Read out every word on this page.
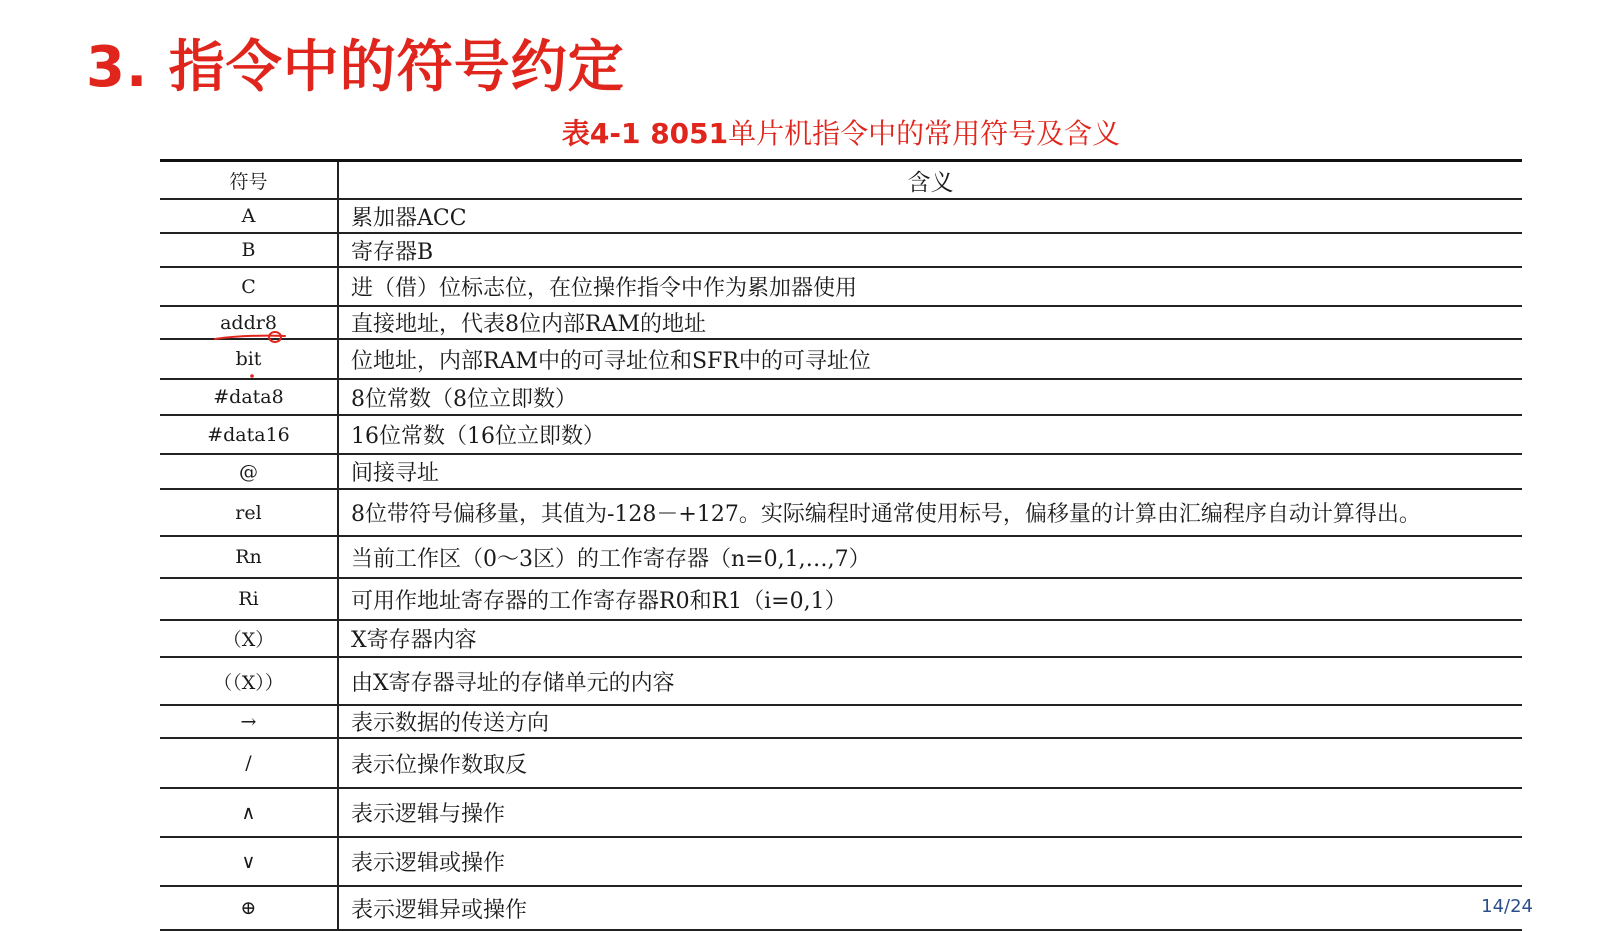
3. 指令中的符号约定
表4-1 8051单片机指令中的常用符号及含义
符号	含义
A	累加器ACC
B	寄存器B
C	进（借）位标志位，在位操作指令中作为累加器使用
addr8	直接地址，代表8位内部RAM的地址
bit	位地址，内部RAM中的可寻址位和SFR中的可寻址位
#data8	8位常数（8位立即数）
#data16	16位常数（16位立即数）
@	间接寻址
rel	8位带符号偏移量，其值为-128－+127。实际编程时通常使用标号，偏移量的计算由汇编程序自动计算得出。
Rn	当前工作区（0～3区）的工作寄存器（n=0,1,…,7）
Ri	可用作地址寄存器的工作寄存器R0和R1（i=0,1）
（X）	X寄存器内容
（（X））	由X寄存器寻址的存储单元的内容
→	表示数据的传送方向
/	表示位操作数取反
∧	表示逻辑与操作
∨	表示逻辑或操作
⊕	表示逻辑异或操作	14/24
